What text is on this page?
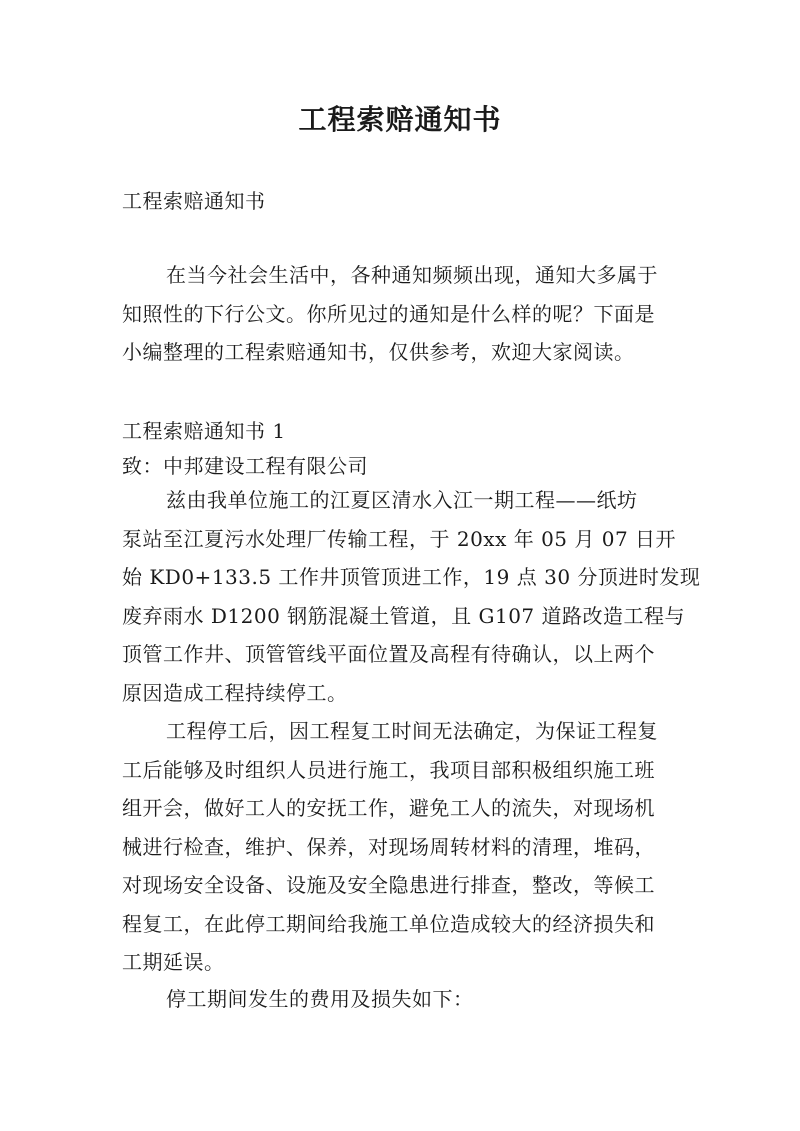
工程索赔通知书
工程索赔通知书
在当今社会生活中，各种通知频频出现，通知大多属于
知照性的下行公文。你所见过的通知是什么样的呢？下面是
小编整理的工程索赔通知书，仅供参考，欢迎大家阅读。
工程索赔通知书 1
致：中邦建设工程有限公司
兹由我单位施工的江夏区清水入江一期工程——纸坊
泵站至江夏污水处理厂传输工程，于 20xx 年 05 月 07 日开
始 KD0+133.5 工作井顶管顶进工作，19 点 30 分顶进时发现
废弃雨水 D1200 钢筋混凝土管道，且 G107 道路改造工程与
顶管工作井、顶管管线平面位置及高程有待确认，以上两个
原因造成工程持续停工。
工程停工后，因工程复工时间无法确定，为保证工程复
工后能够及时组织人员进行施工，我项目部积极组织施工班
组开会，做好工人的安抚工作，避免工人的流失，对现场机
械进行检查，维护、保养，对现场周转材料的清理，堆码，
对现场安全设备、设施及安全隐患进行排查，整改，等候工
程复工，在此停工期间给我施工单位造成较大的经济损失和
工期延误。
停工期间发生的费用及损失如下：
